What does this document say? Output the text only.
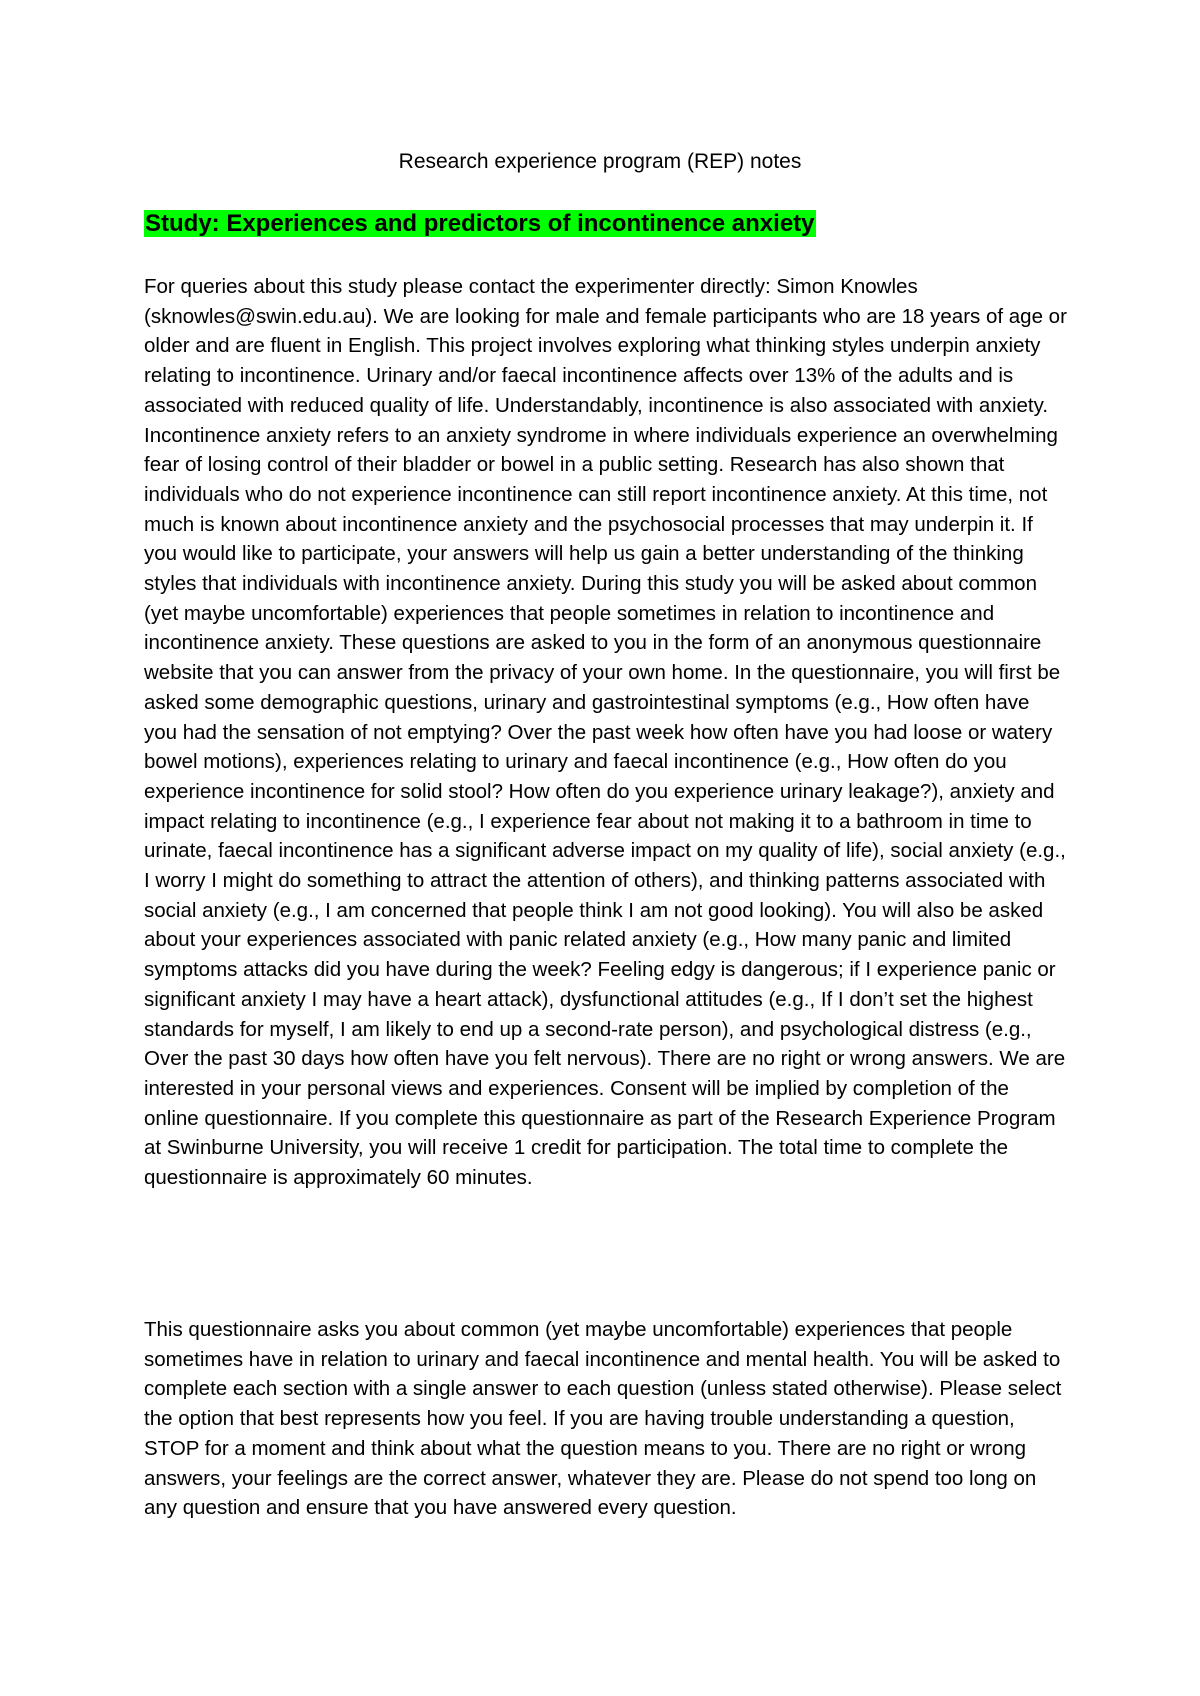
Research experience program (REP) notes
Study: Experiences and predictors of incontinence anxiety

For queries about this study please contact the experimenter directly: Simon Knowles (sknowles@swin.edu.au). We are looking for male and female participants who are 18 years of age or older and are fluent in English. This project involves exploring what thinking styles underpin anxiety relating to incontinence. Urinary and/or faecal incontinence affects over 13% of the adults and is associated with reduced quality of life. Understandably, incontinence is also associated with anxiety. Incontinence anxiety refers to an anxiety syndrome in where individuals experience an overwhelming fear of losing control of their bladder or bowel in a public setting. Research has also shown that individuals who do not experience incontinence can still report incontinence anxiety. At this time, not much is known about incontinence anxiety and the psychosocial processes that may underpin it. If you would like to participate, your answers will help us gain a better understanding of the thinking styles that individuals with incontinence anxiety. During this study you will be asked about common (yet maybe uncomfortable) experiences that people sometimes in relation to incontinence and incontinence anxiety. These questions are asked to you in the form of an anonymous questionnaire website that you can answer from the privacy of your own home. In the questionnaire, you will first be asked some demographic questions, urinary and gastrointestinal symptoms (e.g., How often have you had the sensation of not emptying? Over the past week how often have you had loose or watery bowel motions), experiences relating to urinary and faecal incontinence (e.g., How often do you experience incontinence for solid stool? How often do you experience urinary leakage?), anxiety and impact relating to incontinence (e.g., I experience fear about not making it to a bathroom in time to urinate, faecal incontinence has a significant adverse impact on my quality of life), social anxiety (e.g., I worry I might do something to attract the attention of others), and thinking patterns associated with social anxiety (e.g., I am concerned that people think I am not good looking). You will also be asked about your experiences associated with panic related anxiety (e.g., How many panic and limited symptoms attacks did you have during the week? Feeling edgy is dangerous; if I experience panic or significant anxiety I may have a heart attack), dysfunctional attitudes (e.g., If I don’t set the highest standards for myself, I am likely to end up a second-rate person), and psychological distress (e.g., Over the past 30 days how often have you felt nervous). There are no right or wrong answers. We are interested in your personal views and experiences. Consent will be implied by completion of the online questionnaire. If you complete this questionnaire as part of the Research Experience Program at Swinburne University, you will receive 1 credit for participation. The total time to complete the questionnaire is approximately 60 minutes.

This questionnaire asks you about common (yet maybe uncomfortable) experiences that people sometimes have in relation to urinary and faecal incontinence and mental health. You will be asked to complete each section with a single answer to each question (unless stated otherwise). Please select the option that best represents how you feel. If you are having trouble understanding a question, STOP for a moment and think about what the question means to you. There are no right or wrong answers, your feelings are the correct answer, whatever they are. Please do not spend too long on any question and ensure that you have answered every question.
